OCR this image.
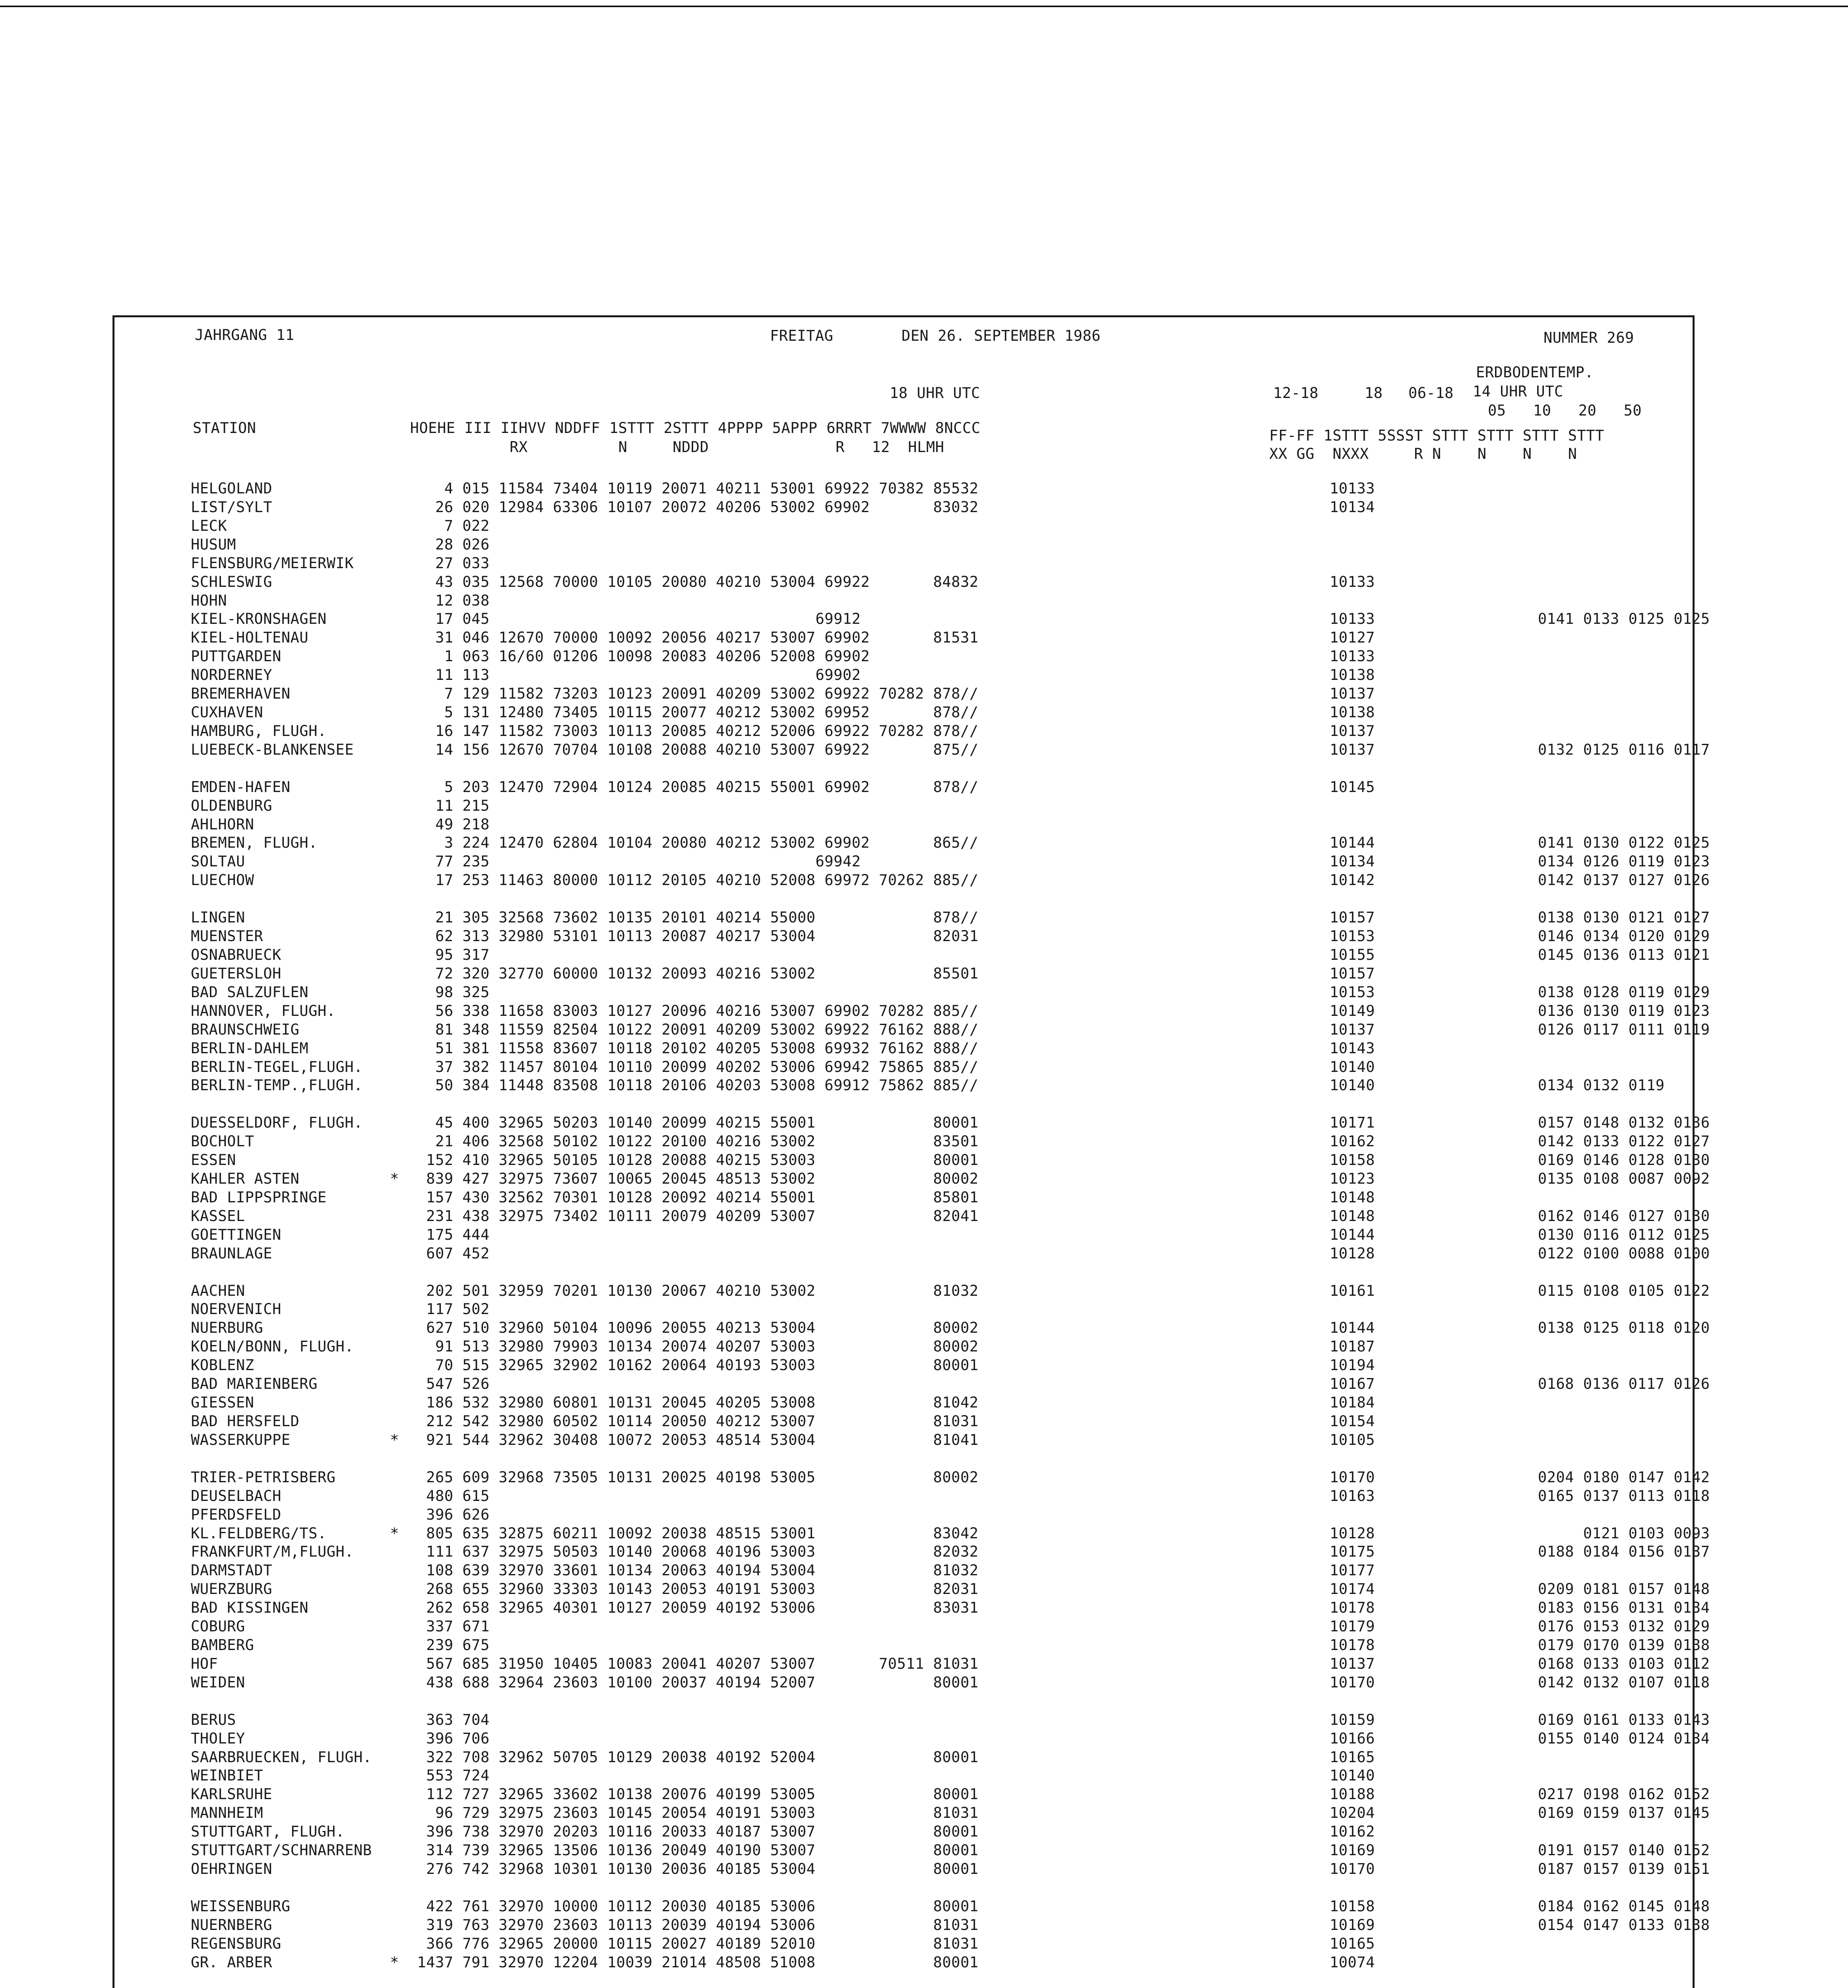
JAHRGANG 11	FREITAG	DEN 26. SEPTEMBER 1986	NUMMER 269
ERDBODENTEMP.
18 UHR UTC	12-18	18 06-18 14 UHR UTC
05   10   20   50
STATION                 HOEHE III IIHVV NDDFF 1STTT 2STTT 4PPPP 5APPP 6RRRT 7WWWW 8NCCC
RX          N     NDDD              R   12  HLMH
FF-FF 1STTT 5SSST STTT STTT STTT STTT
XX GG  NXXX     R N    N    N    N
HELGOLAND                   4 015 11584 73404 10119 20071 40211 53001 69922 70382 85532	10133
LIST/SYLT                  26 020 12984 63306 10107 20072 40206 53002 69902       83032	10134
LECK                        7 022
HUSUM                      28 026
FLENSBURG/MEIERWIK         27 033
SCHLESWIG                  43 035 12568 70000 10105 20080 40210 53004 69922       84832	10133
HOHN                       12 038
KIEL-KRONSHAGEN            17 045                                    69912	10133                  0141 0133 0125 0125
KIEL-HOLTENAU              31 046 12670 70000 10092 20056 40217 53007 69902       81531	10127
PUTTGARDEN                  1 063 16/60 01206 10098 20083 40206 52008 69902	10133
NORDERNEY                  11 113                                    69902	10138
BREMERHAVEN                 7 129 11582 73203 10123 20091 40209 53002 69922 70282 878//	10137
CUXHAVEN                    5 131 12480 73405 10115 20077 40212 53002 69952       878//	10138
HAMBURG, FLUGH.            16 147 11582 73003 10113 20085 40212 52006 69922 70282 878//	10137
LUEBECK-BLANKENSEE         14 156 12670 70704 10108 20088 40210 53007 69922       875//	10137                  0132 0125 0116 0117
EMDEN-HAFEN                 5 203 12470 72904 10124 20085 40215 55001 69902       878//	10145
OLDENBURG                  11 215
AHLHORN                    49 218
BREMEN, FLUGH.              3 224 12470 62804 10104 20080 40212 53002 69902       865//	10144                  0141 0130 0122 0125
SOLTAU                     77 235                                    69942	10134                  0134 0126 0119 0123
LUECHOW                    17 253 11463 80000 10112 20105 40210 52008 69972 70262 885//	10142                  0142 0137 0127 0126
LINGEN                     21 305 32568 73602 10135 20101 40214 55000             878//	10157                  0138 0130 0121 0127
MUENSTER                   62 313 32980 53101 10113 20087 40217 53004             82031	10153                  0146 0134 0120 0129
OSNABRUECK                 95 317	10155                  0145 0136 0113 0121
GUETERSLOH                 72 320 32770 60000 10132 20093 40216 53002             85501	10157
BAD SALZUFLEN              98 325	10153                  0138 0128 0119 0129
HANNOVER, FLUGH.           56 338 11658 83003 10127 20096 40216 53007 69902 70282 885//	10149                  0136 0130 0119 0123
BRAUNSCHWEIG               81 348 11559 82504 10122 20091 40209 53002 69922 76162 888//	10137                  0126 0117 0111 0119
BERLIN-DAHLEM              51 381 11558 83607 10118 20102 40205 53008 69932 76162 888//	10143
BERLIN-TEGEL,FLUGH.        37 382 11457 80104 10110 20099 40202 53006 69942 75865 885//	10140
BERLIN-TEMP.,FLUGH.        50 384 11448 83508 10118 20106 40203 53008 69912 75862 885//	10140                  0134 0132 0119
DUESSELDORF, FLUGH.        45 400 32965 50203 10140 20099 40215 55001             80001	10171                  0157 0148 0132 0136
BOCHOLT                    21 406 32568 50102 10122 20100 40216 53002             83501	10162                  0142 0133 0122 0127
ESSEN                     152 410 32965 50105 10128 20088 40215 53003             80001	10158                  0169 0146 0128 0130
KAHLER ASTEN          *   839 427 32975 73607 10065 20045 48513 53002             80002	10123                  0135 0108 0087 0092
BAD LIPPSPRINGE           157 430 32562 70301 10128 20092 40214 55001             85801	10148
KASSEL                    231 438 32975 73402 10111 20079 40209 53007             82041	10148                  0162 0146 0127 0130
GOETTINGEN                175 444	10144                  0130 0116 0112 0125
BRAUNLAGE                 607 452	10128                  0122 0100 0088 0100
AACHEN                    202 501 32959 70201 10130 20067 40210 53002             81032	10161                  0115 0108 0105 0122
NOERVENICH                117 502
NUERBURG                  627 510 32960 50104 10096 20055 40213 53004             80002	10144                  0138 0125 0118 0120
KOELN/BONN, FLUGH.         91 513 32980 79903 10134 20074 40207 53003             80002	10187
KOBLENZ                    70 515 32965 32902 10162 20064 40193 53003             80001	10194
BAD MARIENBERG            547 526	10167                  0168 0136 0117 0126
GIESSEN                   186 532 32980 60801 10131 20045 40205 53008             81042	10184
BAD HERSFELD              212 542 32980 60502 10114 20050 40212 53007             81031	10154
WASSERKUPPE           *   921 544 32962 30408 10072 20053 48514 53004             81041	10105
TRIER-PETRISBERG          265 609 32968 73505 10131 20025 40198 53005             80002	10170                  0204 0180 0147 0142
DEUSELBACH                480 615	10163                  0165 0137 0113 0118
PFERDSFELD                396 626
KL.FELDBERG/TS.       *   805 635 32875 60211 10092 20038 48515 53001             83042	10128                       0121 0103 0093
FRANKFURT/M,FLUGH.        111 637 32975 50503 10140 20068 40196 53003             82032	10175                  0188 0184 0156 0137
DARMSTADT                 108 639 32970 33601 10134 20063 40194 53004             81032	10177
WUERZBURG                 268 655 32960 33303 10143 20053 40191 53003             82031	10174                  0209 0181 0157 0148
BAD KISSINGEN             262 658 32965 40301 10127 20059 40192 53006             83031	10178                  0183 0156 0131 0134
COBURG                    337 671	10179                  0176 0153 0132 0129
BAMBERG                   239 675	10178                  0179 0170 0139 0138
HOF                       567 685 31950 10405 10083 20041 40207 53007       70511 81031	10137                  0168 0133 0103 0112
WEIDEN                    438 688 32964 23603 10100 20037 40194 52007             80001	10170                  0142 0132 0107 0118
BERUS                     363 704	10159                  0169 0161 0133 0143
THOLEY                    396 706	10166                  0155 0140 0124 0134
SAARBRUECKEN, FLUGH.      322 708 32962 50705 10129 20038 40192 52004             80001	10165
WEINBIET                  553 724	10140
KARLSRUHE                 112 727 32965 33602 10138 20076 40199 53005             80001	10188                  0217 0198 0162 0152
MANNHEIM                   96 729 32975 23603 10145 20054 40191 53003             81031	10204                  0169 0159 0137 0145
STUTTGART, FLUGH.         396 738 32970 20203 10116 20033 40187 53007             80001	10162
STUTTGART/SCHNARRENB      314 739 32965 13506 10136 20049 40190 53007             80001	10169                  0191 0157 0140 0152
OEHRINGEN                 276 742 32968 10301 10130 20036 40185 53004             80001	10170                  0187 0157 0139 0151
WEISSENBURG               422 761 32970 10000 10112 20030 40185 53006             80001	10158                  0184 0162 0145 0148
NUERNBERG                 319 763 32970 23603 10113 20039 40194 53006             81031	10169                  0154 0147 0133 0138
REGENSBURG                366 776 32965 20000 10115 20027 40189 52010             81031	10165
GR. ARBER             *  1437 791 32970 12204 10039 21014 48508 51008             80001	10074
